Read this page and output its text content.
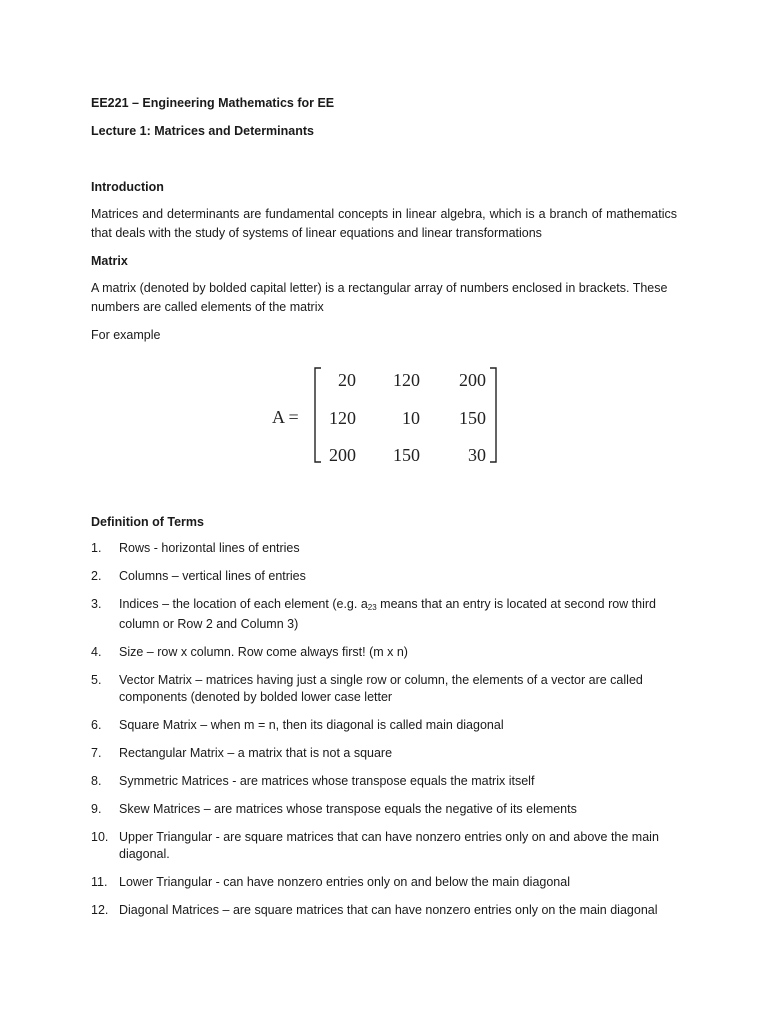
EE221 – Engineering Mathematics for EE

Lecture 1: Matrices and Determinants

Introduction

Matrices and determinants are fundamental concepts in linear algebra, which is a branch of mathematics that deals with the study of systems of linear equations and linear transformations

Matrix

A matrix (denoted by bolded capital letter) is a rectangular array of numbers enclosed in brackets. These numbers are called elements of the matrix

For example

A =
20 120 200
120	10 150
200 150	30

Definition of Terms

1.	Rows - horizontal lines of entries
2.	Columns – vertical lines of entries
3.	Indices – the location of each element (e.g. $a_{23}$ means that an entry is located at second row third column or Row 2 and Column 3)
4.	Size – row x column. Row come always first! (m x n)
5.	Vector Matrix – matrices having just a single row or column, the elements of a vector are called components (denoted by bolded lower case letter
6.	Square Matrix – when m = n, then its diagonal is called main diagonal
7.	Rectangular Matrix – a matrix that is not a square
8.	Symmetric Matrices - are matrices whose transpose equals the matrix itself
9.	Skew Matrices – are matrices whose transpose equals the negative of its elements
10. Upper Triangular - are square matrices that can have nonzero entries only on and above the main diagonal.
11. Lower Triangular - can have nonzero entries only on and below the main diagonal
12. Diagonal Matrices – are square matrices that can have nonzero entries only on the main diagonal
